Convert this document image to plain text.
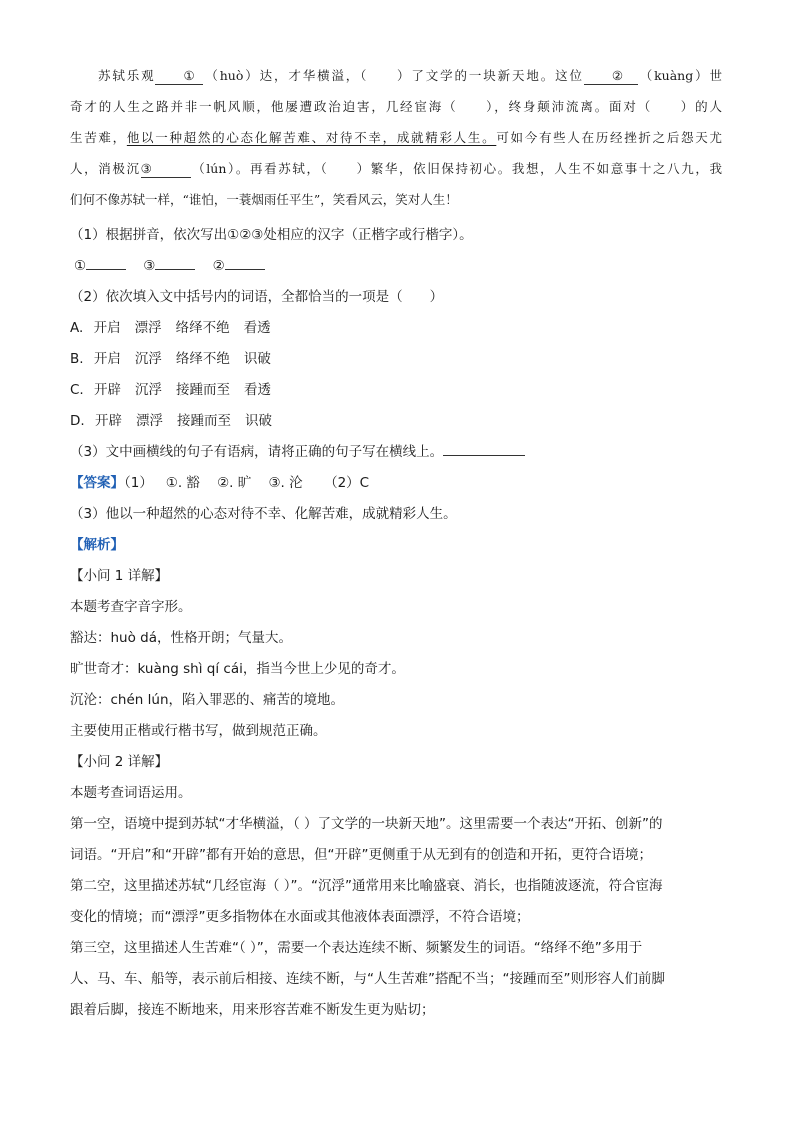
苏轼乐观 ① （huò）达，才华横溢，（　　）了文学的一块新天地。这位 ② （kuàng）世
奇才的人生之路并非一帆风顺，他屡遭政治迫害，几经宦海（　　），终身颠沛流离。面对（　　）的人
生苦难，他以一种超然的心态化解苦难、对待不幸，成就精彩人生。可如今有些人在历经挫折之后怨天尤
人，消极沉③	（lún）。再看苏轼，（　　）繁华，依旧保持初心。我想，人生不如意事十之八九，我
们何不像苏轼一样，“谁怕，一蓑烟雨任平生”，笑看风云，笑对人生！
（1）根据拼音，依次写出①②③处相应的汉字（正楷字或行楷字）。
①	③	②
（2）依次填入文中括号内的词语，全都恰当的一项是（　　）
A. 开启 漂浮 络绎不绝 看透
B. 开启 沉浮 络绎不绝 识破
C. 开辟 沉浮 接踵而至 看透
D. 开辟 漂浮 接踵而至 识破
（3）文中画横线的句子有语病，请将正确的句子写在横线上。
【答案】（1） ①. 豁 ②. 旷 ③. 沦 （2）C
（3）他以一种超然的心态对待不幸、化解苦难，成就精彩人生。
【解析】
【小问 1 详解】
本题考查字音字形。
豁达：huò dá，性格开朗；气量大。
旷世奇才：kuàng shì qí cái，指当今世上少见的奇才。
沉沦：chén lún，陷入罪恶的、痛苦的境地。
主要使用正楷或行楷书写，做到规范正确。
【小问 2 详解】
本题考查词语运用。
第一空，语境中提到苏轼“才华横溢，（ ）了文学的一块新天地”。这里需要一个表达“开拓、创新”的
词语。“开启”和“开辟”都有开始的意思，但“开辟”更侧重于从无到有的创造和开拓，更符合语境；
第二空，这里描述苏轼“几经宦海（ ）”。“沉浮”通常用来比喻盛衰、消长，也指随波逐流，符合宦海
变化的情境；而“漂浮”更多指物体在水面或其他液体表面漂浮，不符合语境；
第三空，这里描述人生苦难“（ ）”，需要一个表达连续不断、频繁发生的词语。“络绎不绝”多用于
人、马、车、船等，表示前后相接、连续不断，与“人生苦难”搭配不当；“接踵而至”则形容人们前脚
跟着后脚，接连不断地来，用来形容苦难不断发生更为贴切；
